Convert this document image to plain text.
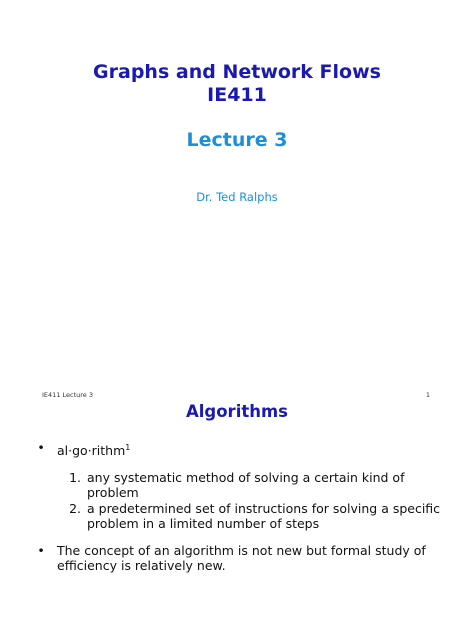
Graphs and Network Flows
IE411
Lecture 3
Dr. Ted Ralphs
IE411 Lecture 3	1
Algorithms
• al·go·rithm$^1$
1. any systematic method of solving a certain kind of problem
2. a predetermined set of instructions for solving a specific problem in a limited number of steps
• The concept of an algorithm is not new but formal study of efficiency is relatively new.
